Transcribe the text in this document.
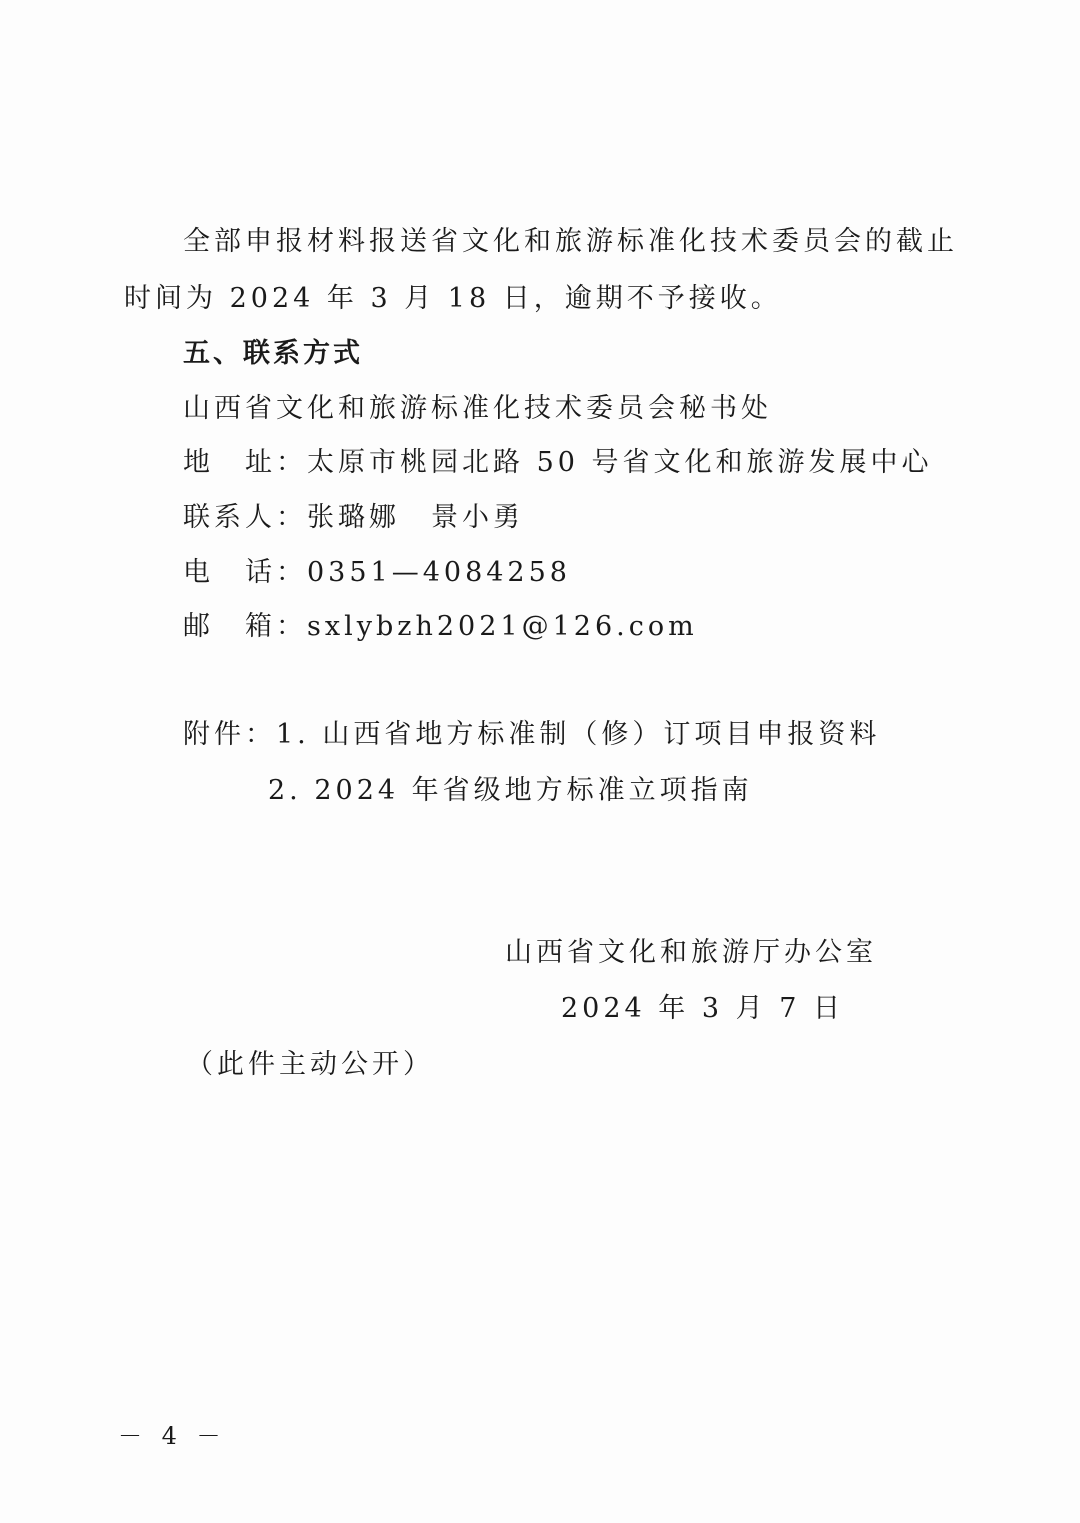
全部申报材料报送省文化和旅游标准化技术委员会的截止
时间为 2024 年 3 月 18 日，逾期不予接收。
五、联系方式
山西省文化和旅游标准化技术委员会秘书处
地　址：太原市桃园北路 50 号省文化和旅游发展中心
联系人：张璐娜　景小勇
电　话：0351—4084258
邮　箱：sxlybzh2021@126.com
附件：1. 山西省地方标准制（修）订项目申报资料
2. 2024 年省级地方标准立项指南
山西省文化和旅游厅办公室
2024 年 3 月 7 日
（此件主动公开）
－ 4 －
